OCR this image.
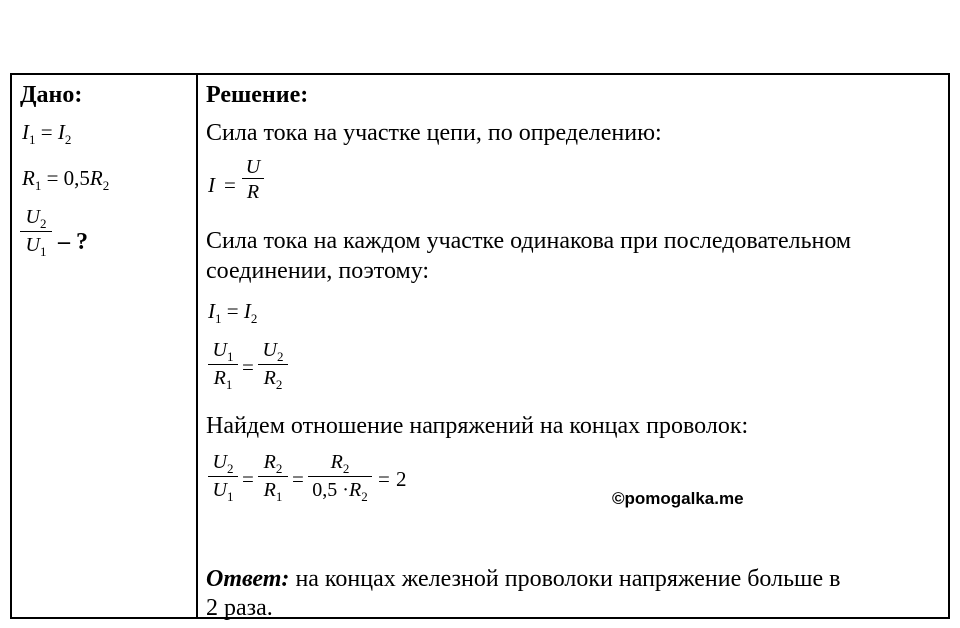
Дано:
$I_1 = I_2$
$R_1 = 0,5R_2$
$U_2$
$U_1$ – ?
Решение:
Сила тока на участке цепи, по определению:
I =
U
R
Сила тока на каждом участке одинакова при последовательном
соединении, поэтому:
$I_1 = I_2$
$U_1$
$R_1$
=
$U_2$
$R_2$
Найдем отношение напряжений на концах проволок:
$U_2$
$U_1$
=
$R_2$
$R_1$
=
$R_2$
$0,5 \cdot R_2$
= 2
©pomogalka.me
Ответ: на концах железной проволоки напряжение больше в
2 раза.
